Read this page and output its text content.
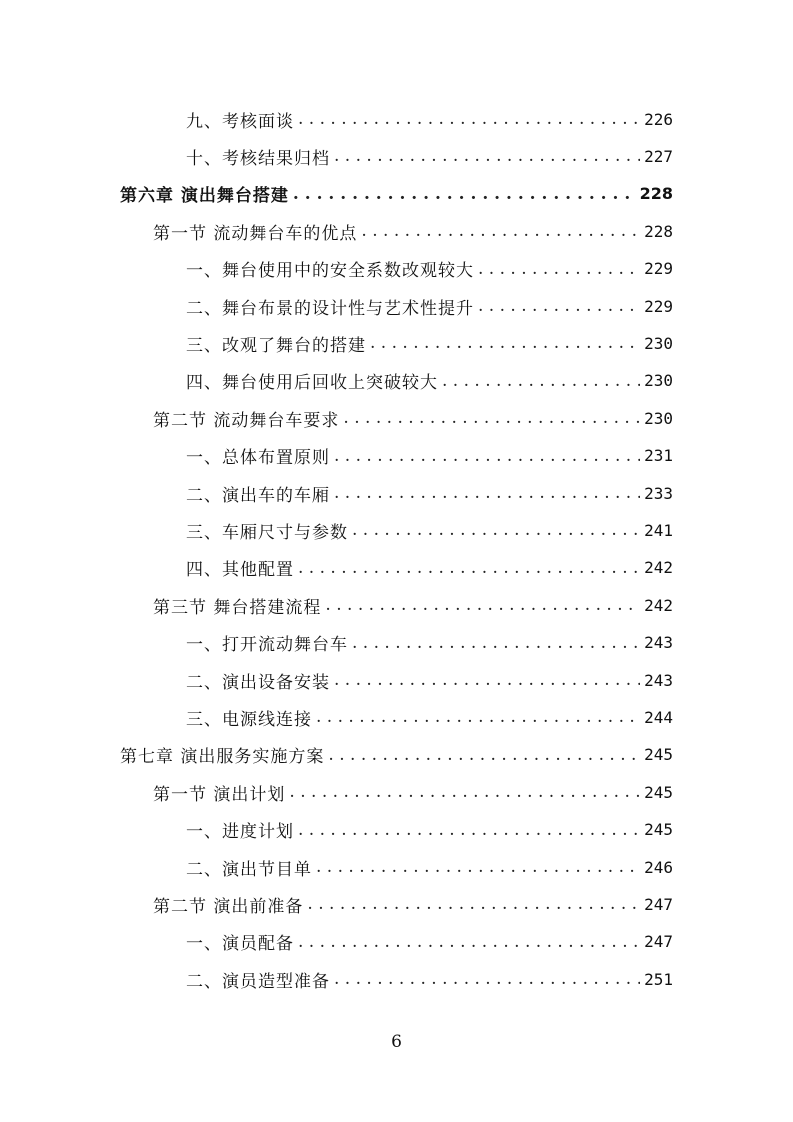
九、考核面谈 . . .	226
十、考核结果归档 . . .	227
第六章 演出舞台搭建 . . .	228
第一节 流动舞台车的优点 . . .	228
一、舞台使用中的安全系数改观较大 . . .	229
二、舞台布景的设计性与艺术性提升 . . .	229
三、改观了舞台的搭建 . . .	230
四、舞台使用后回收上突破较大 . . .	230
第二节 流动舞台车要求 . . .	230
一、总体布置原则 . . .	231
二、演出车的车厢 . . .	233
三、车厢尺寸与参数 . . .	241
四、其他配置 . . .	242
第三节 舞台搭建流程 . . .	242
一、打开流动舞台车 . . .	243
二、演出设备安装 . . .	243
三、电源线连接 . . .	244
第七章 演出服务实施方案 . . .	245
第一节 演出计划 . . .	245
一、进度计划 . . .	245
二、演出节目单 . . .	246
第二节 演出前准备 . . .	247
一、演员配备 . . .	247
二、演员造型准备 . . .	251
6
